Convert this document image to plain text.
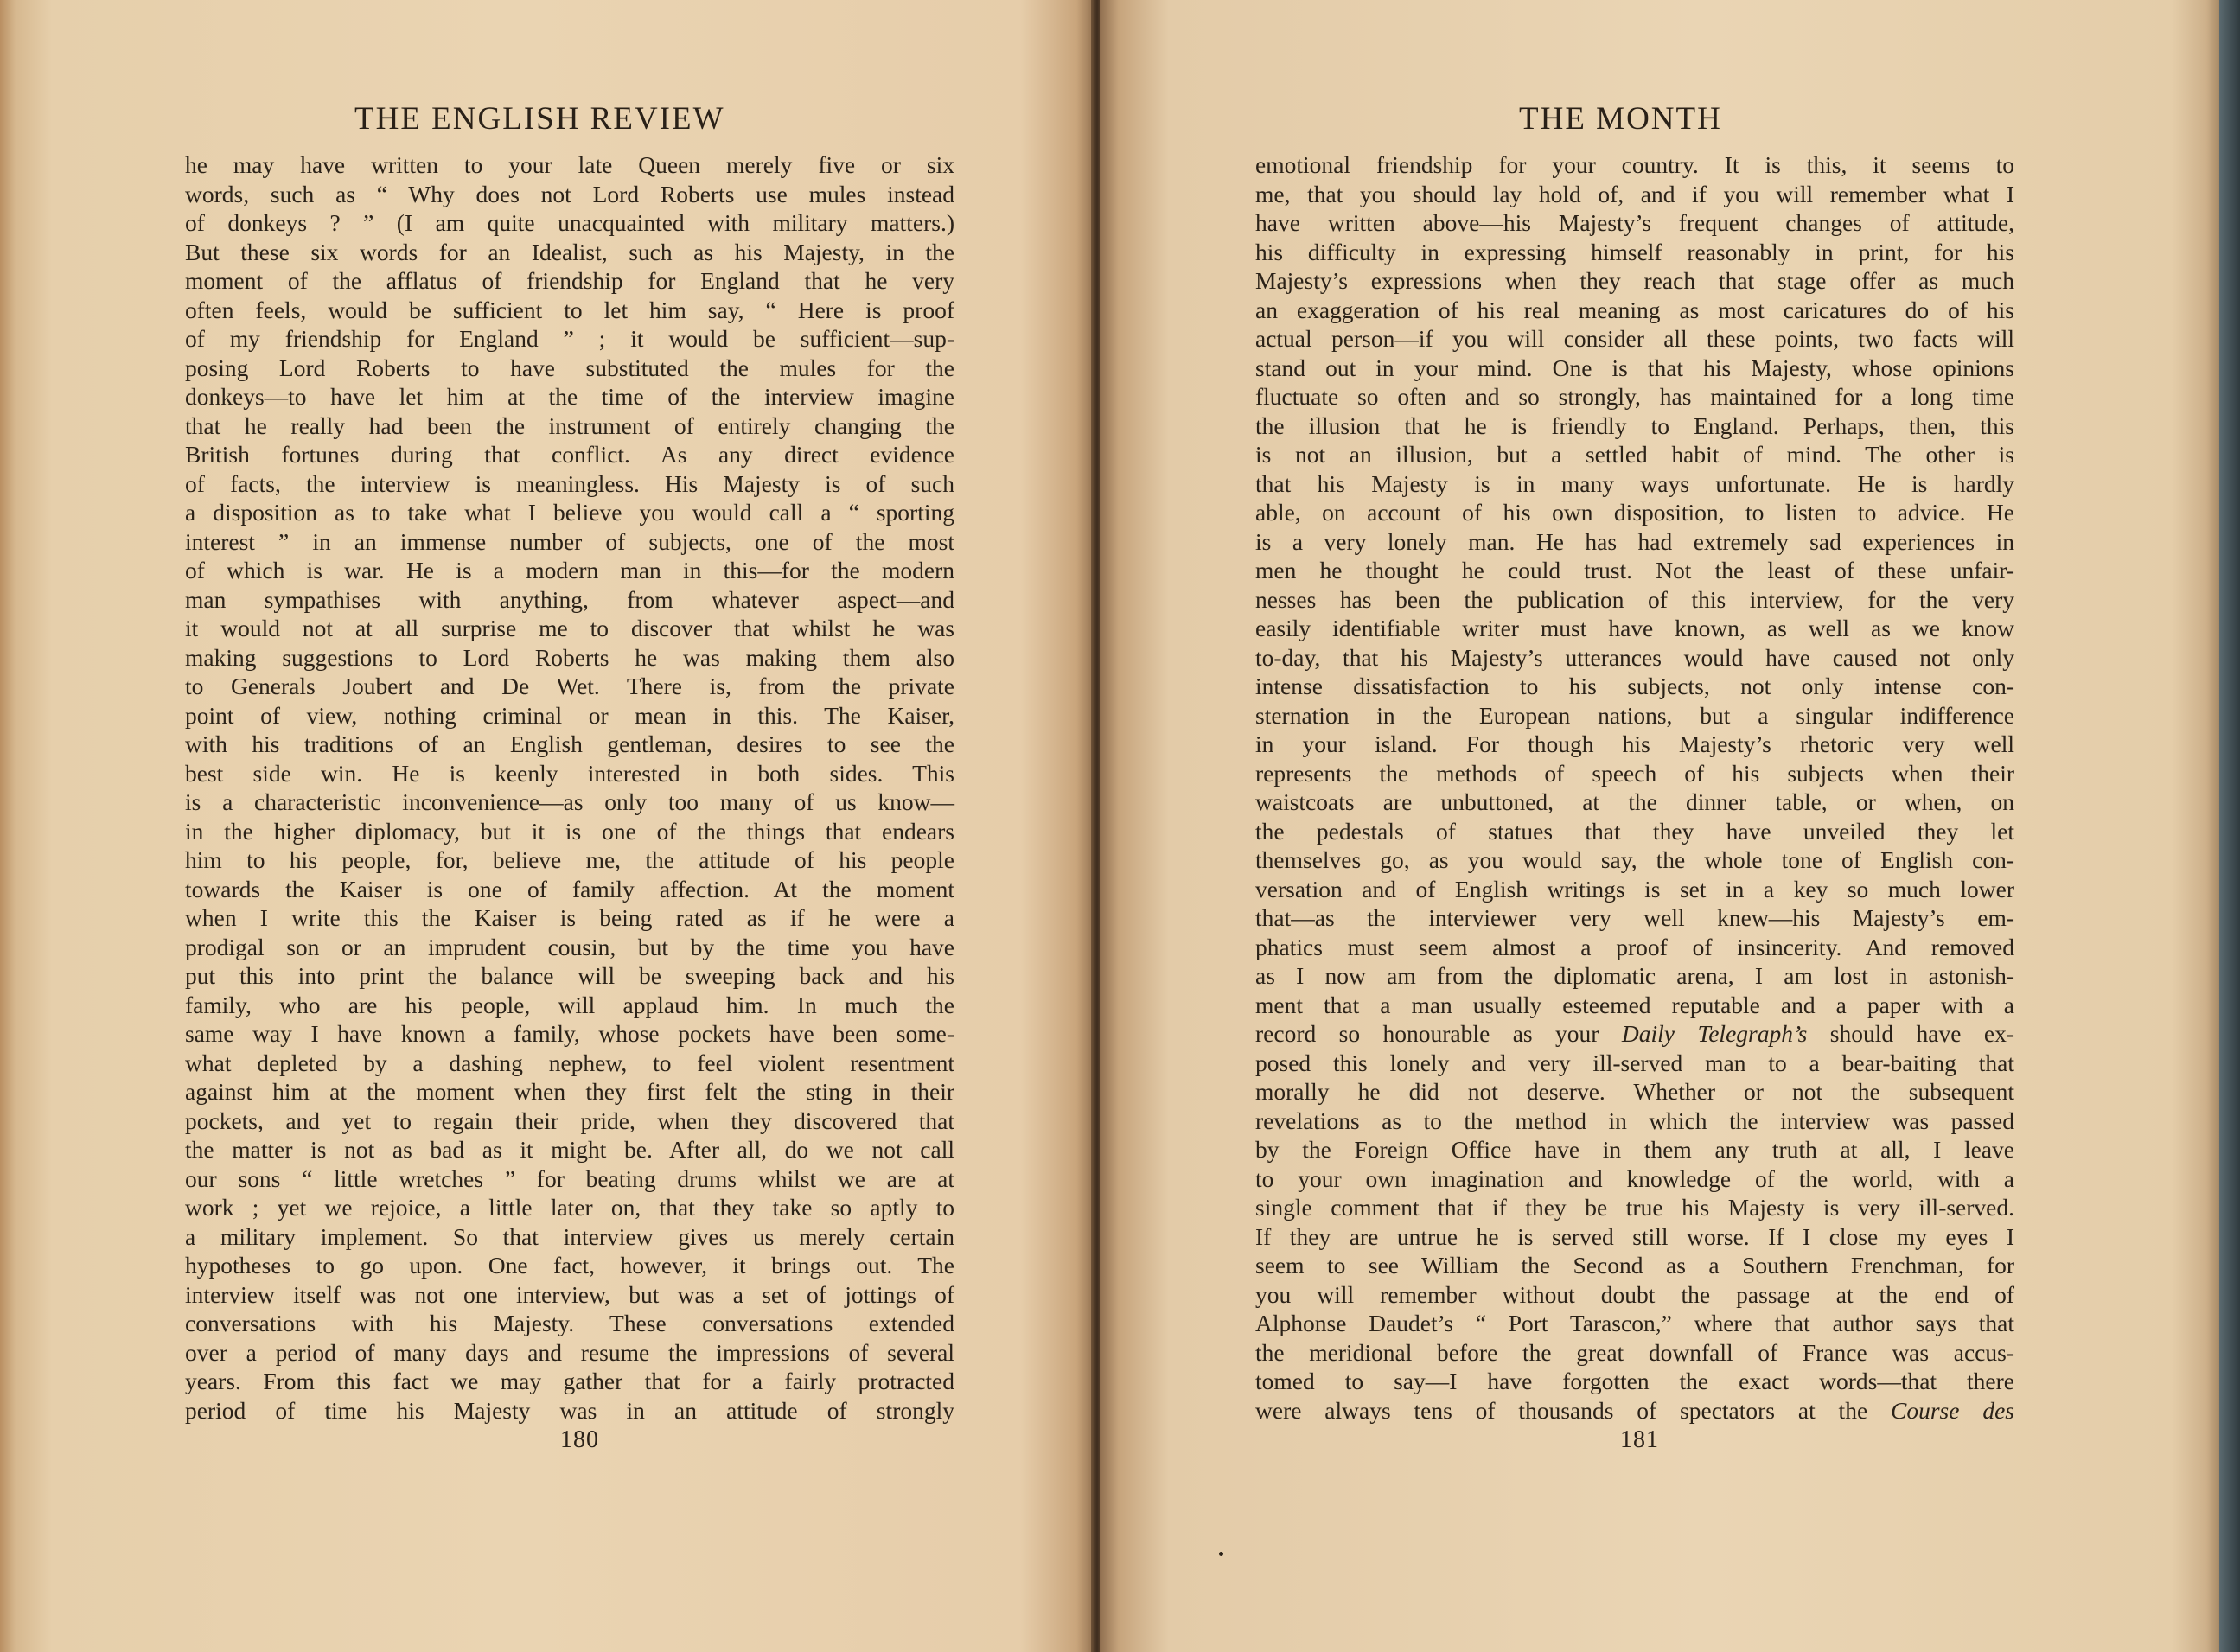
THE ENGLISH REVIEW
he may have written to your late Queen merely five or six
words, such as “ Why does not Lord Roberts use mules instead
of donkeys ? ” (I am quite unacquainted with military matters.)
But these six words for an Idealist, such as his Majesty, in the
moment of the afflatus of friendship for England that he very
often feels, would be sufficient to let him say, “ Here is proof
of my friendship for England ” ; it would be sufficient—sup-
posing Lord Roberts to have substituted the mules for the
donkeys—to have let him at the time of the interview imagine
that he really had been the instrument of entirely changing the
British fortunes during that conflict. As any direct evidence
of facts, the interview is meaningless. His Majesty is of such
a disposition as to take what I believe you would call a “ sporting
interest ” in an immense number of subjects, one of the most
of which is war. He is a modern man in this—for the modern
man sympathises with anything, from whatever aspect—and
it would not at all surprise me to discover that whilst he was
making suggestions to Lord Roberts he was making them also
to Generals Joubert and De Wet. There is, from the private
point of view, nothing criminal or mean in this. The Kaiser,
with his traditions of an English gentleman, desires to see the
best side win. He is keenly interested in both sides. This
is a characteristic inconvenience—as only too many of us know—
in the higher diplomacy, but it is one of the things that endears
him to his people, for, believe me, the attitude of his people
towards the Kaiser is one of family affection. At the moment
when I write this the Kaiser is being rated as if he were a
prodigal son or an imprudent cousin, but by the time you have
put this into print the balance will be sweeping back and his
family, who are his people, will applaud him. In much the
same way I have known a family, whose pockets have been some-
what depleted by a dashing nephew, to feel violent resentment
against him at the moment when they first felt the sting in their
pockets, and yet to regain their pride, when they discovered that
the matter is not as bad as it might be. After all, do we not call
our sons “ little wretches ” for beating drums whilst we are at
work ; yet we rejoice, a little later on, that they take so aptly to
a military implement. So that interview gives us merely certain
hypotheses to go upon. One fact, however, it brings out. The
interview itself was not one interview, but was a set of jottings of
conversations with his Majesty. These conversations extended
over a period of many days and resume the impressions of several
years. From this fact we may gather that for a fairly protracted
period of time his Majesty was in an attitude of strongly

180

THE MONTH
emotional friendship for your country. It is this, it seems to
me, that you should lay hold of, and if you will remember what I
have written above—his Majesty’s frequent changes of attitude,
his difficulty in expressing himself reasonably in print, for his
Majesty’s expressions when they reach that stage offer as much
an exaggeration of his real meaning as most caricatures do of his
actual person—if you will consider all these points, two facts will
stand out in your mind. One is that his Majesty, whose opinions
fluctuate so often and so strongly, has maintained for a long time
the illusion that he is friendly to England. Perhaps, then, this
is not an illusion, but a settled habit of mind. The other is
that his Majesty is in many ways unfortunate. He is hardly
able, on account of his own disposition, to listen to advice. He
is a very lonely man. He has had extremely sad experiences in
men he thought he could trust. Not the least of these unfair-
nesses has been the publication of this interview, for the very
easily identifiable writer must have known, as well as we know
to-day, that his Majesty’s utterances would have caused not only
intense dissatisfaction to his subjects, not only intense con-
sternation in the European nations, but a singular indifference
in your island. For though his Majesty’s rhetoric very well
represents the methods of speech of his subjects when their
waistcoats are unbuttoned, at the dinner table, or when, on
the pedestals of statues that they have unveiled they let
themselves go, as you would say, the whole tone of English con-
versation and of English writings is set in a key so much lower
that—as the interviewer very well knew—his Majesty’s em-
phatics must seem almost a proof of insincerity. And removed
as I now am from the diplomatic arena, I am lost in astonish-
ment that a man usually esteemed reputable and a paper with a
record so honourable as your Daily Telegraph’s should have ex-
posed this lonely and very ill-served man to a bear-baiting that
morally he did not deserve. Whether or not the subsequent
revelations as to the method in which the interview was passed
by the Foreign Office have in them any truth at all, I leave
to your own imagination and knowledge of the world, with a
single comment that if they be true his Majesty is very ill-served.
If they are untrue he is served still worse. If I close my eyes I
seem to see William the Second as a Southern Frenchman, for
you will remember without doubt the passage at the end of
Alphonse Daudet’s “ Port Tarascon,” where that author says that
the meridional before the great downfall of France was accus-
tomed to say—I have forgotten the exact words—that there
were always tens of thousands of spectators at the Course des

181
